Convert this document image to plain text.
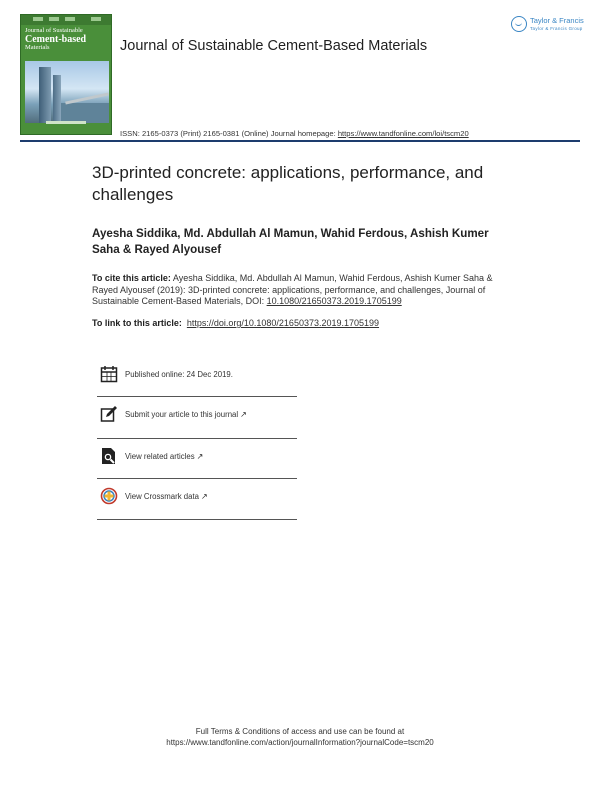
Journal of Sustainable
Cement-based
Materials	Journal of Sustainable Cement-Based Materials
ISSN: 2165-0373 (Print) 2165-0381 (Online) Journal homepage: https://www.tandfonline.com/loi/tscm20
Taylor & Francis
Taylor & Francis Group
3D-printed concrete: applications, performance, and challenges
Ayesha Siddika, Md. Abdullah Al Mamun, Wahid Ferdous, Ashish Kumer Saha & Rayed Alyousef
To cite this article: Ayesha Siddika, Md. Abdullah Al Mamun, Wahid Ferdous, Ashish Kumer Saha & Rayed Alyousef (2019): 3D-printed concrete: applications, performance, and challenges, Journal of Sustainable Cement-Based Materials, DOI: 10.1080/21650373.2019.1705199
To link to this article: https://doi.org/10.1080/21650373.2019.1705199
Published online: 24 Dec 2019.
Submit your article to this journal ↗
View related articles ↗
View Crossmark data ↗
Full Terms & Conditions of access and use can be found at
https://www.tandfonline.com/action/journalInformation?journalCode=tscm20
